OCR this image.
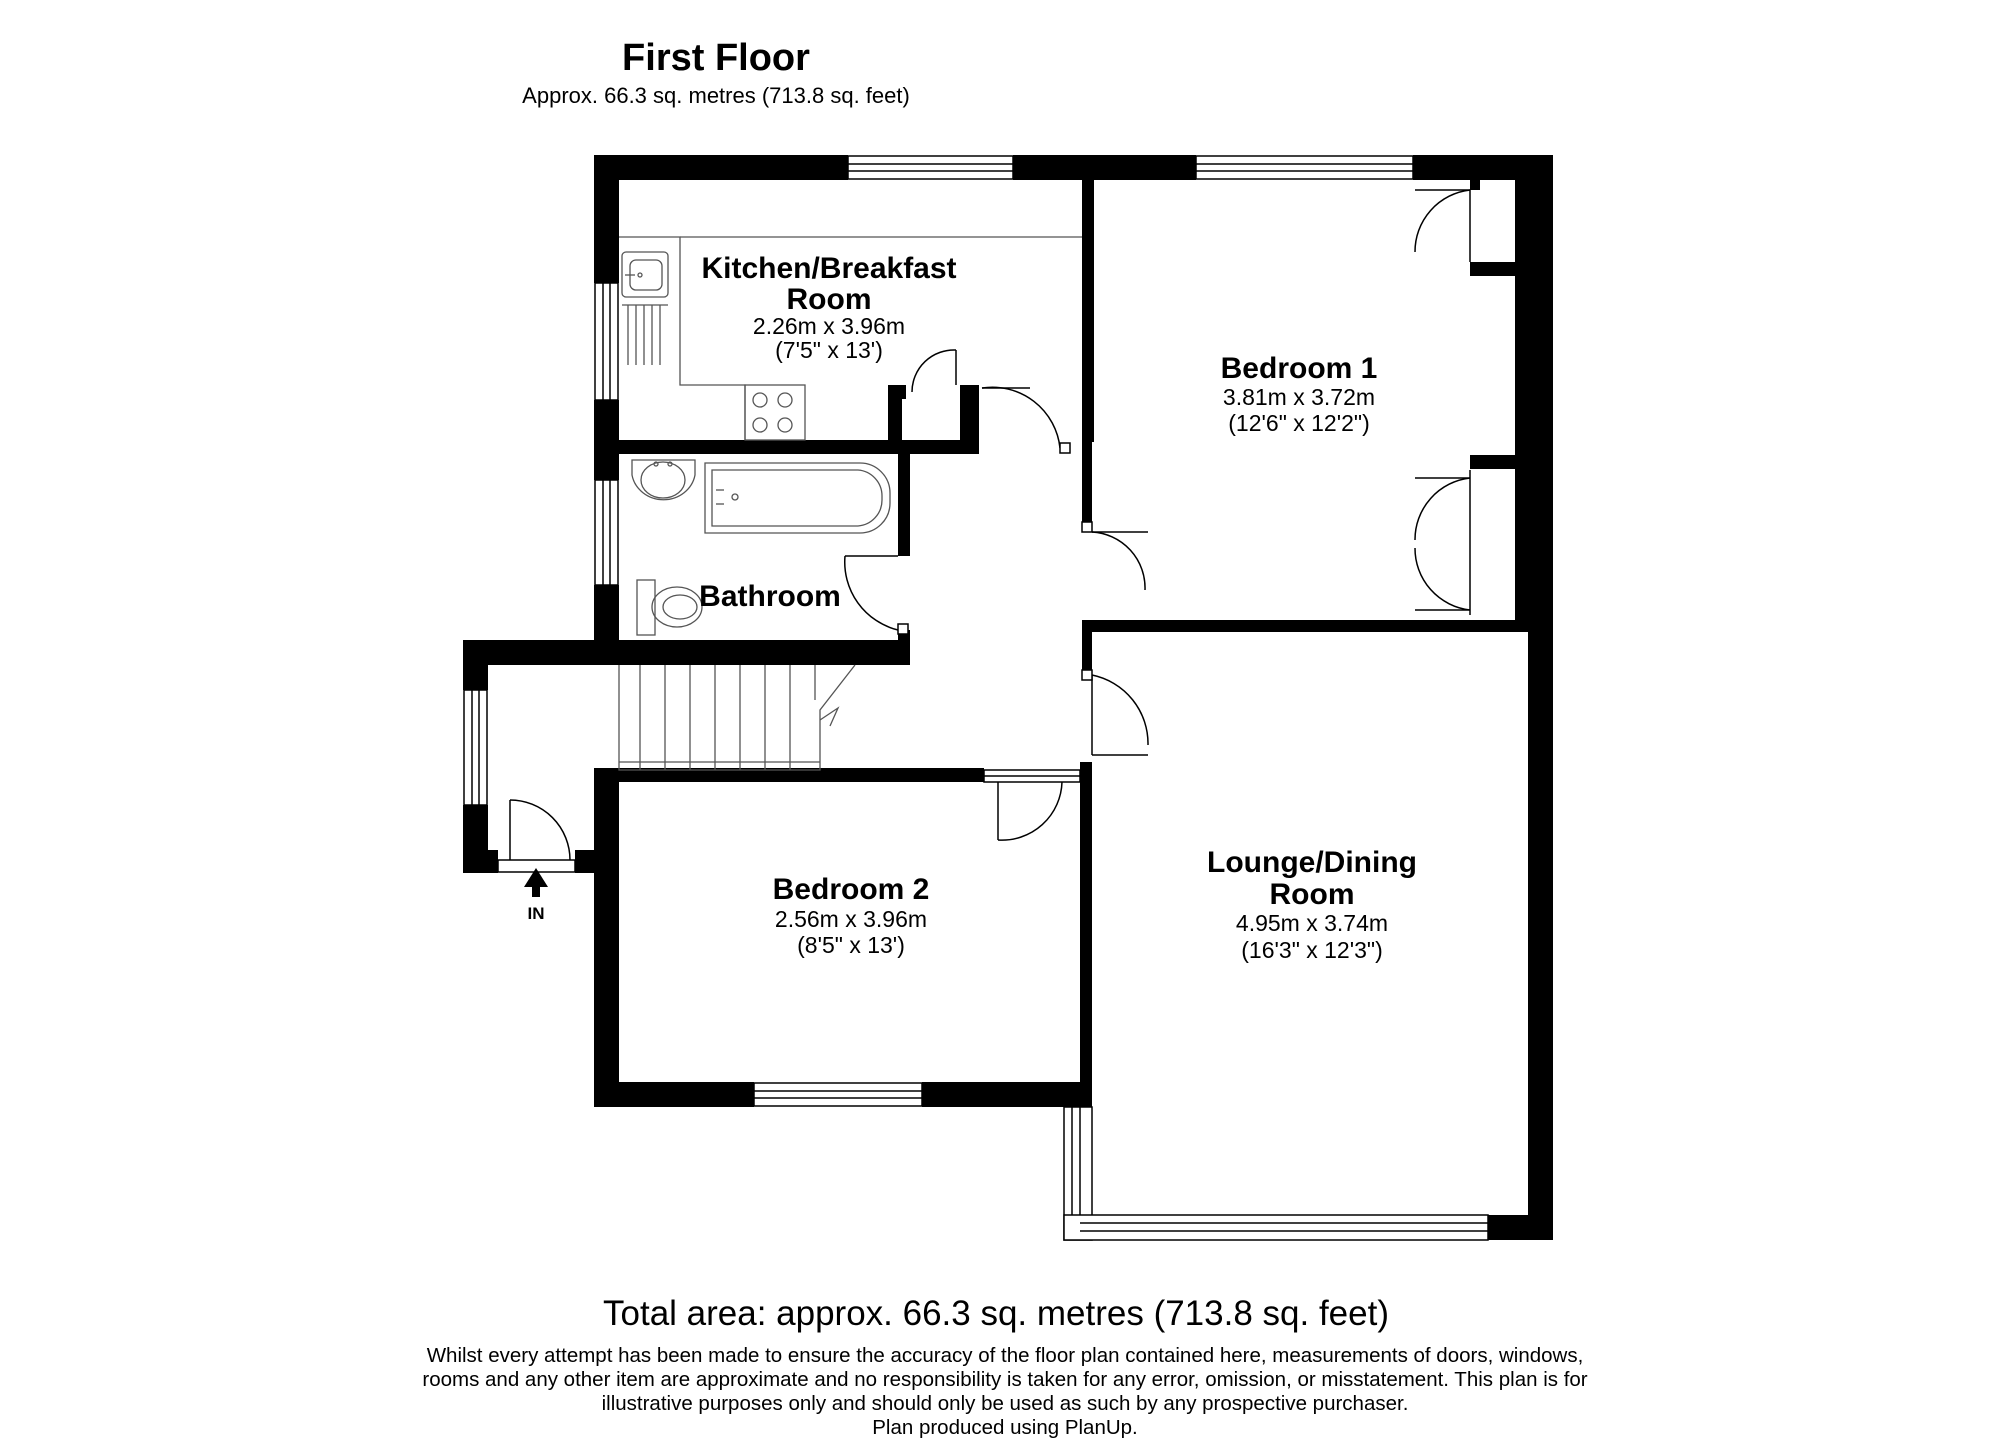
First Floor
Approx. 66.3 sq. metres (713.8 sq. feet)
IN
Kitchen/Breakfast
Room
2.26m x 3.96m
(7'5" x 13')
Bedroom 1
3.81m x 3.72m
(12'6" x 12'2")
Bathroom
Bedroom 2
2.56m x 3.96m
(8'5" x 13')
Lounge/Dining
Room
4.95m x 3.74m
(16'3" x 12'3")
Total area: approx. 66.3 sq. metres (713.8 sq. feet)
Whilst every attempt has been made to ensure the accuracy of the floor plan contained here, measurements of doors, windows,
rooms and any other item are approximate and no responsibility is taken for any error, omission, or misstatement. This plan is for
illustrative purposes only and should only be used as such by any prospective purchaser.
Plan produced using PlanUp.
